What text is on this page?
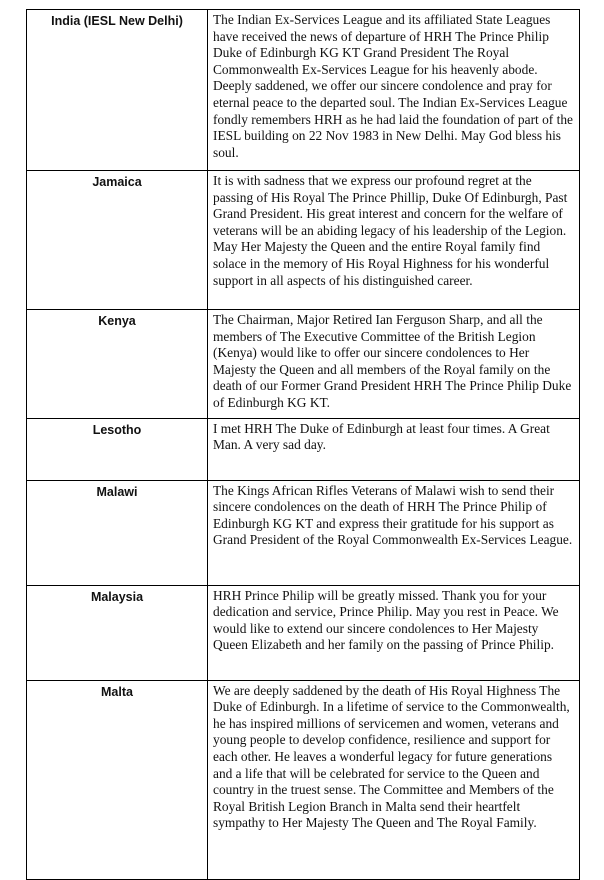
India (IESL New Delhi)	The Indian Ex-Services League and its affiliated State Leagues have received the news of departure of HRH The Prince Philip Duke of Edinburgh KG KT Grand President The Royal Commonwealth Ex-Services League for his heavenly abode. Deeply saddened, we offer our sincere condolence and pray for eternal peace to the departed soul. The Indian Ex-Services League fondly remembers HRH as he had laid the foundation of part of the IESL building on 22 Nov 1983 in New Delhi. May God bless his soul.
Jamaica	It is with sadness that we express our profound regret at the passing of His Royal The Prince Phillip, Duke Of Edinburgh, Past Grand President. His great interest and concern for the welfare of veterans will be an abiding legacy of his leadership of the Legion. May Her Majesty the Queen and the entire Royal family find solace in the memory of His Royal Highness for his wonderful support in all aspects of his distinguished career.
Kenya	The Chairman, Major Retired Ian Ferguson Sharp, and all the members of The Executive Committee of the British Legion (Kenya) would like to offer our sincere condolences to Her Majesty the Queen and all members of the Royal family on the death of our Former Grand President HRH The Prince Philip Duke of Edinburgh KG KT.
Lesotho	I met HRH The Duke of Edinburgh at least four times. A Great Man. A very sad day.
Malawi	The Kings African Rifles Veterans of Malawi wish to send their sincere condolences on the death of HRH The Prince Philip of Edinburgh KG KT and express their gratitude for his support as Grand President of the Royal Commonwealth Ex-Services League.
Malaysia	HRH Prince Philip will be greatly missed. Thank you for your dedication and service, Prince Philip. May you rest in Peace. We would like to extend our sincere condolences to Her Majesty Queen Elizabeth and her family on the passing of Prince Philip.
Malta	We are deeply saddened by the death of His Royal Highness The Duke of Edinburgh. In a lifetime of service to the Commonwealth, he has inspired millions of servicemen and women, veterans and young people to develop confidence, resilience and support for each other. He leaves a wonderful legacy for future generations and a life that will be celebrated for service to the Queen and country in the truest sense. The Committee and Members of the Royal British Legion Branch in Malta send their heartfelt sympathy to Her Majesty The Queen and The Royal Family.
